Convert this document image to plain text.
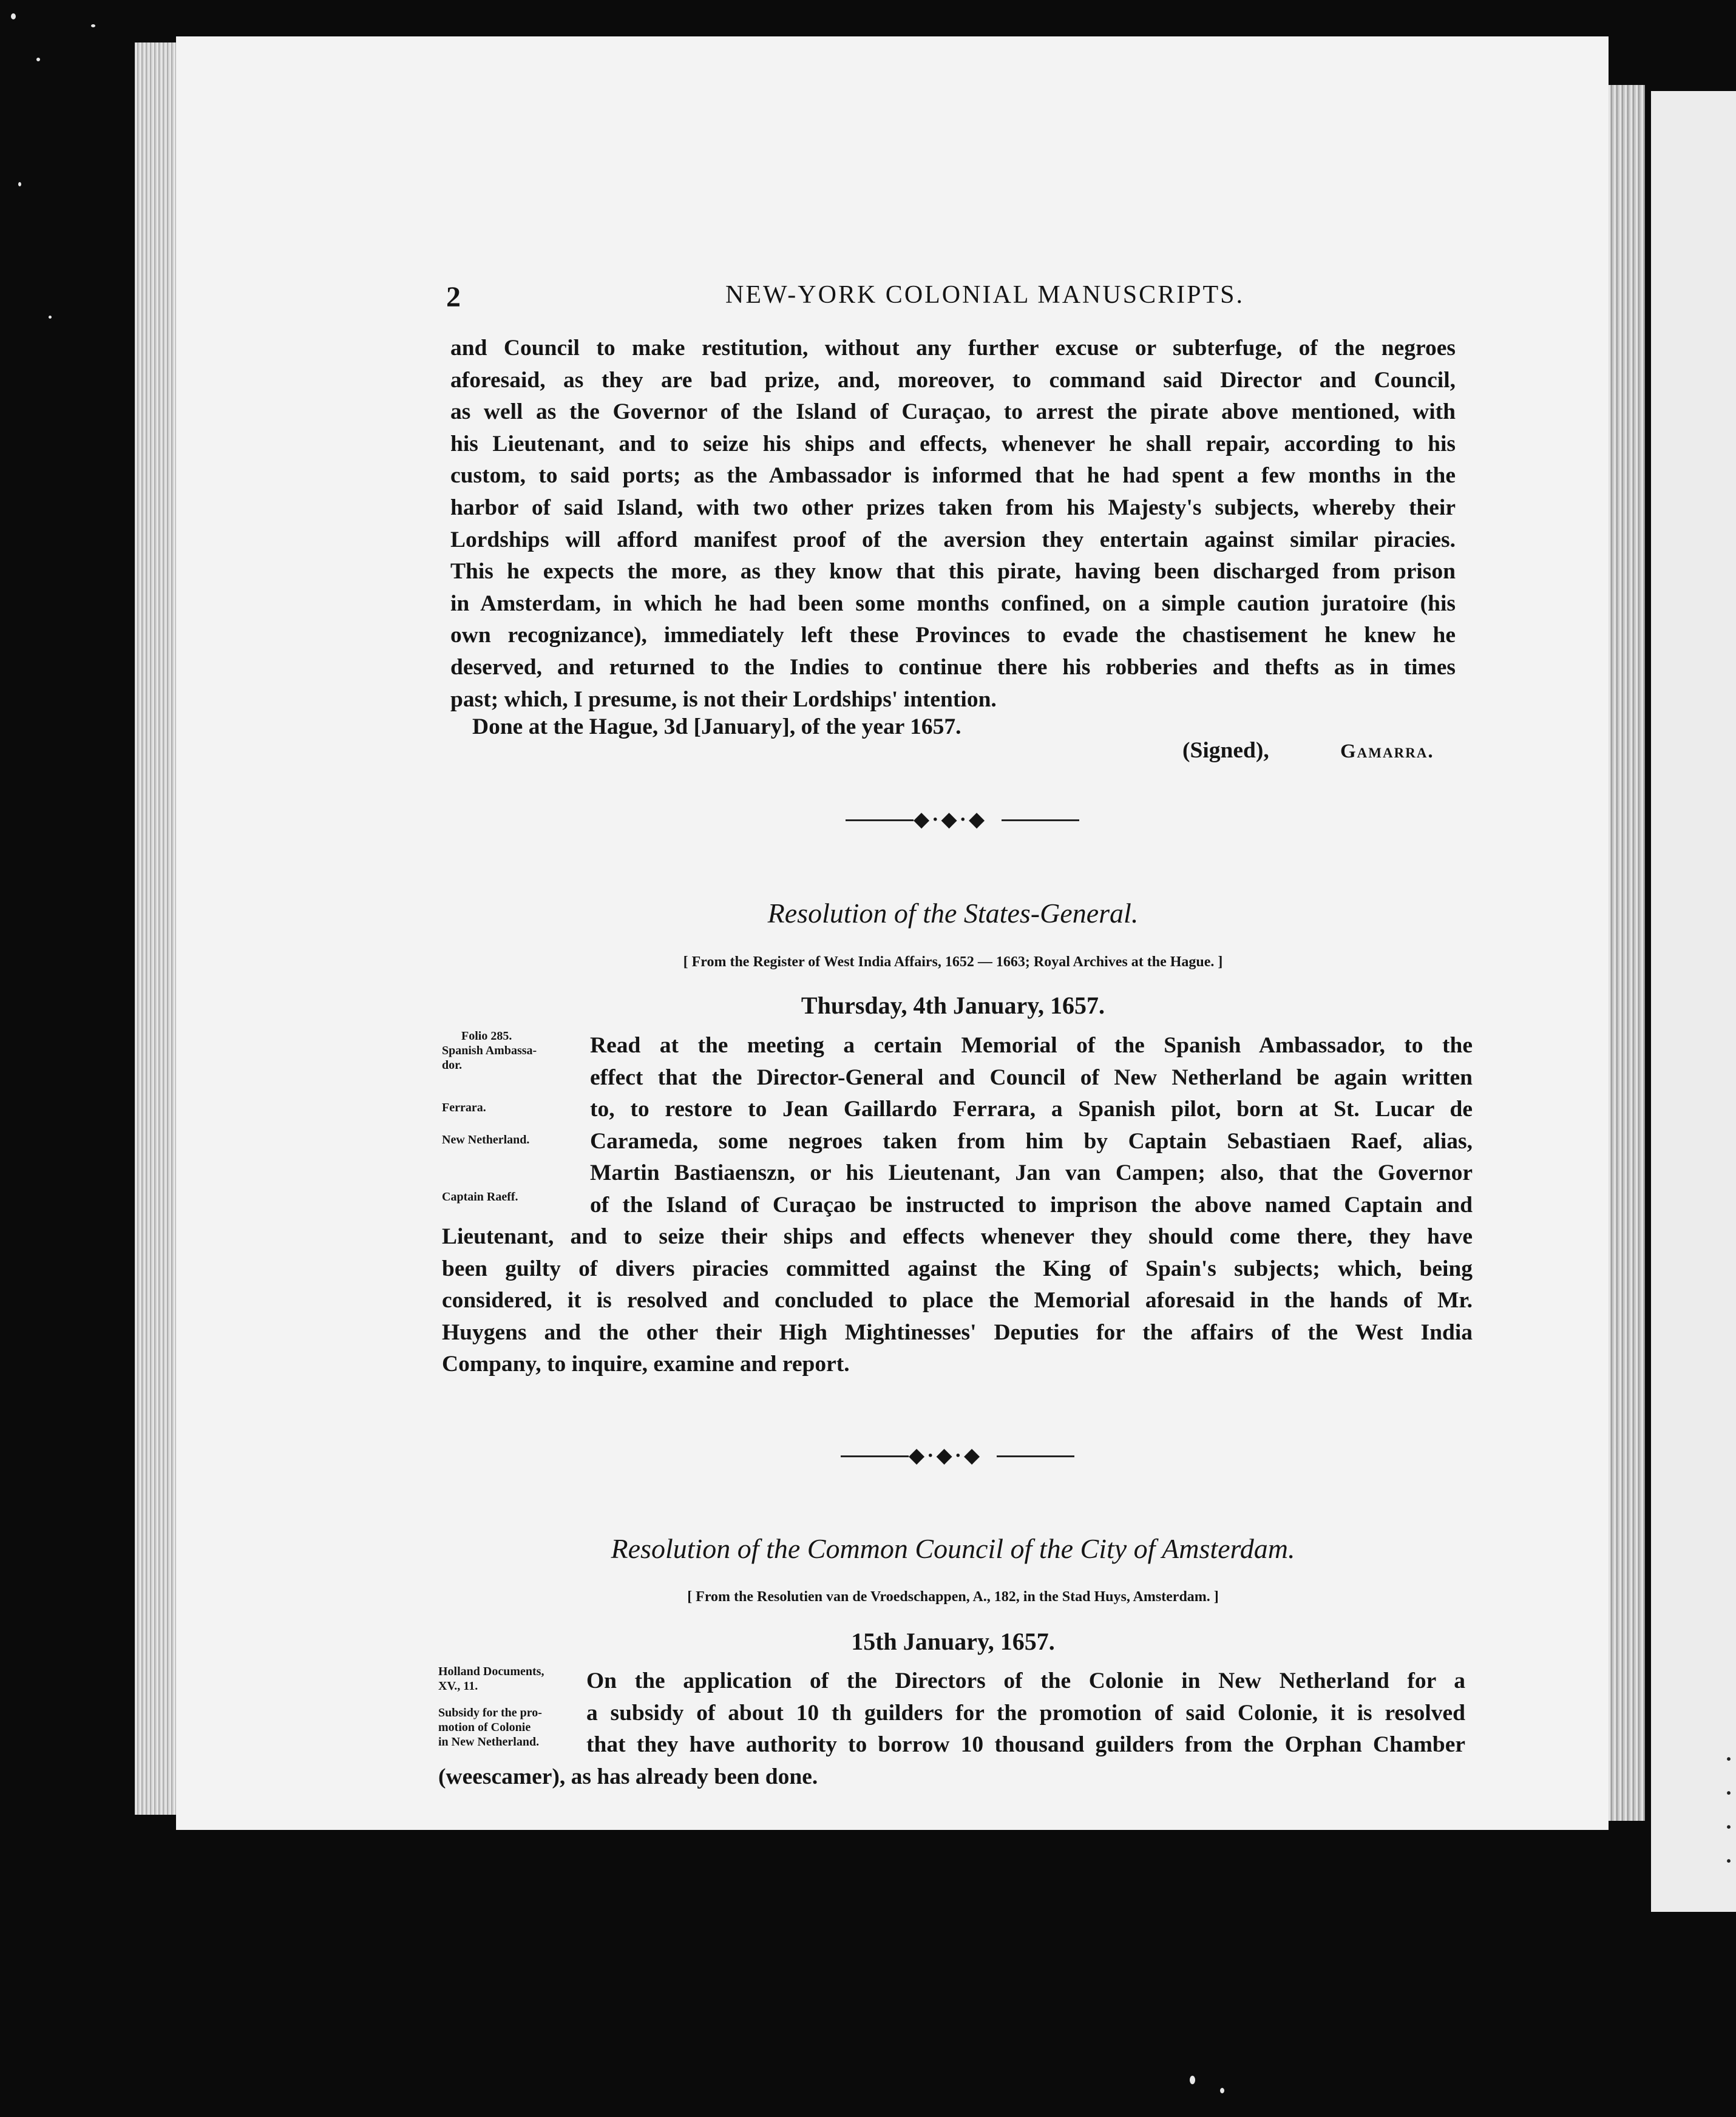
·
·
·
·
2	NEW-YORK COLONIAL MANUSCRIPTS.
and Council to make restitution, without any further excuse or subterfuge, of the negroes
aforesaid, as they are bad prize, and, moreover, to command said Director and Council,
as well as the Governor of the Island of Curaçao, to arrest the pirate above mentioned, with
his Lieutenant, and to seize his ships and effects, whenever he shall repair, according to his
custom, to said ports; as the Ambassador is informed that he had spent a few months in the
harbor of said Island, with two other prizes taken from his Majesty's subjects, whereby their
Lordships will afford manifest proof of the aversion they entertain against similar piracies.
This he expects the more, as they know that this pirate, having been discharged from prison
in Amsterdam, in which he had been some months confined, on a simple caution juratoire (his
own recognizance), immediately left these Provinces to evade the chastisement he knew he
deserved, and returned to the Indies to continue there his robberies and thefts as in times
past; which, I presume, is not their Lordships' intention.
Done at the Hague, 3d [January], of the year 1657.
(Signed),	Gamarra.
◆·◆·◆
Resolution of the States-General.
[ From the Register of West India Affairs, 1652 — 1663; Royal Archives at the Hague. ]
Thursday, 4th January, 1657.
Folio 285.
Spanish Ambassa-
dor.
Ferrara.
New Netherland.
Captain Raeff.
Read at the meeting a certain Memorial of the Spanish Ambassador, to the
effect that the Director-General and Council of New Netherland be again written
to, to restore to Jean Gaillardo Ferrara, a Spanish pilot, born at St. Lucar de
Carameda, some negroes taken from him by Captain Sebastiaen Raef, alias,
Martin Bastiaenszn, or his Lieutenant, Jan van Campen; also, that the Governor
of the Island of Curaçao be instructed to imprison the above named Captain and
Lieutenant, and to seize their ships and effects whenever they should come there, they have
been guilty of divers piracies committed against the King of Spain's subjects; which, being
considered, it is resolved and concluded to place the Memorial aforesaid in the hands of Mr.
Huygens and the other their High Mightinesses' Deputies for the affairs of the West India
Company, to inquire, examine and report.
◆·◆·◆
Resolution of the Common Council of the City of Amsterdam.
[ From the Resolutien van de Vroedschappen, A., 182, in the Stad Huys, Amsterdam. ]
15th January, 1657.
Holland Documents,
XV., 11.
Subsidy for the pro-
motion of Colonie
in New Netherland.
On the application of the Directors of the Colonie in New Netherland for a
a subsidy of about 10 th guilders for the promotion of said Colonie, it is resolved
that they have authority to borrow 10 thousand guilders from the Orphan Chamber
(weescamer), as has already been done.
